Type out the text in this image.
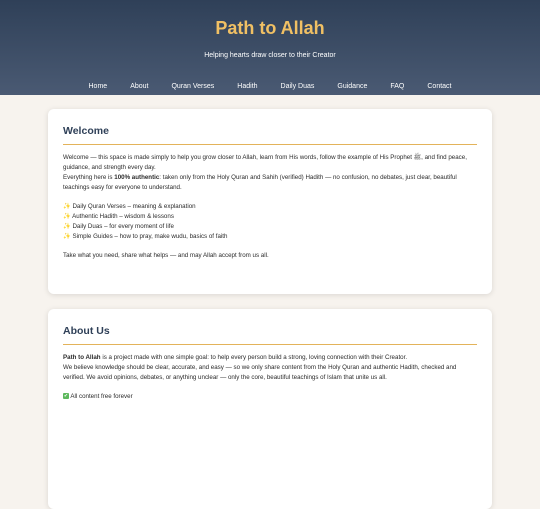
Path to Allah
Helping hearts draw closer to their Creator
Home	About	Quran Verses	Hadith	Daily Duas	Guidance	FAQ	Contact
Welcome

Welcome — this space is made simply to help you grow closer to Allah, learn from His words, follow the example of His Prophet ﷺ, and find peace, guidance, and strength every day.

Everything here is 100% authentic: taken only from the Holy Quran and Sahih (verified) Hadith — no confusion, no debates, just clear, beautiful teachings easy for everyone to understand.

✨ Daily Quran Verses – meaning & explanation
✨ Authentic Hadith – wisdom & lessons
✨ Daily Duas – for every moment of life
✨ Simple Guides – how to pray, make wudu, basics of faith

Take what you need, share what helps — and may Allah accept from us all.

About Us

Path to Allah is a project made with one simple goal: to help every person build a strong, loving connection with their Creator.

We believe knowledge should be clear, accurate, and easy — so we only share content from the Holy Quran and authentic Hadith, checked and verified. We avoid opinions, debates, or anything unclear — only the core, beautiful teachings of Islam that unite us all.

✔ All content free forever
